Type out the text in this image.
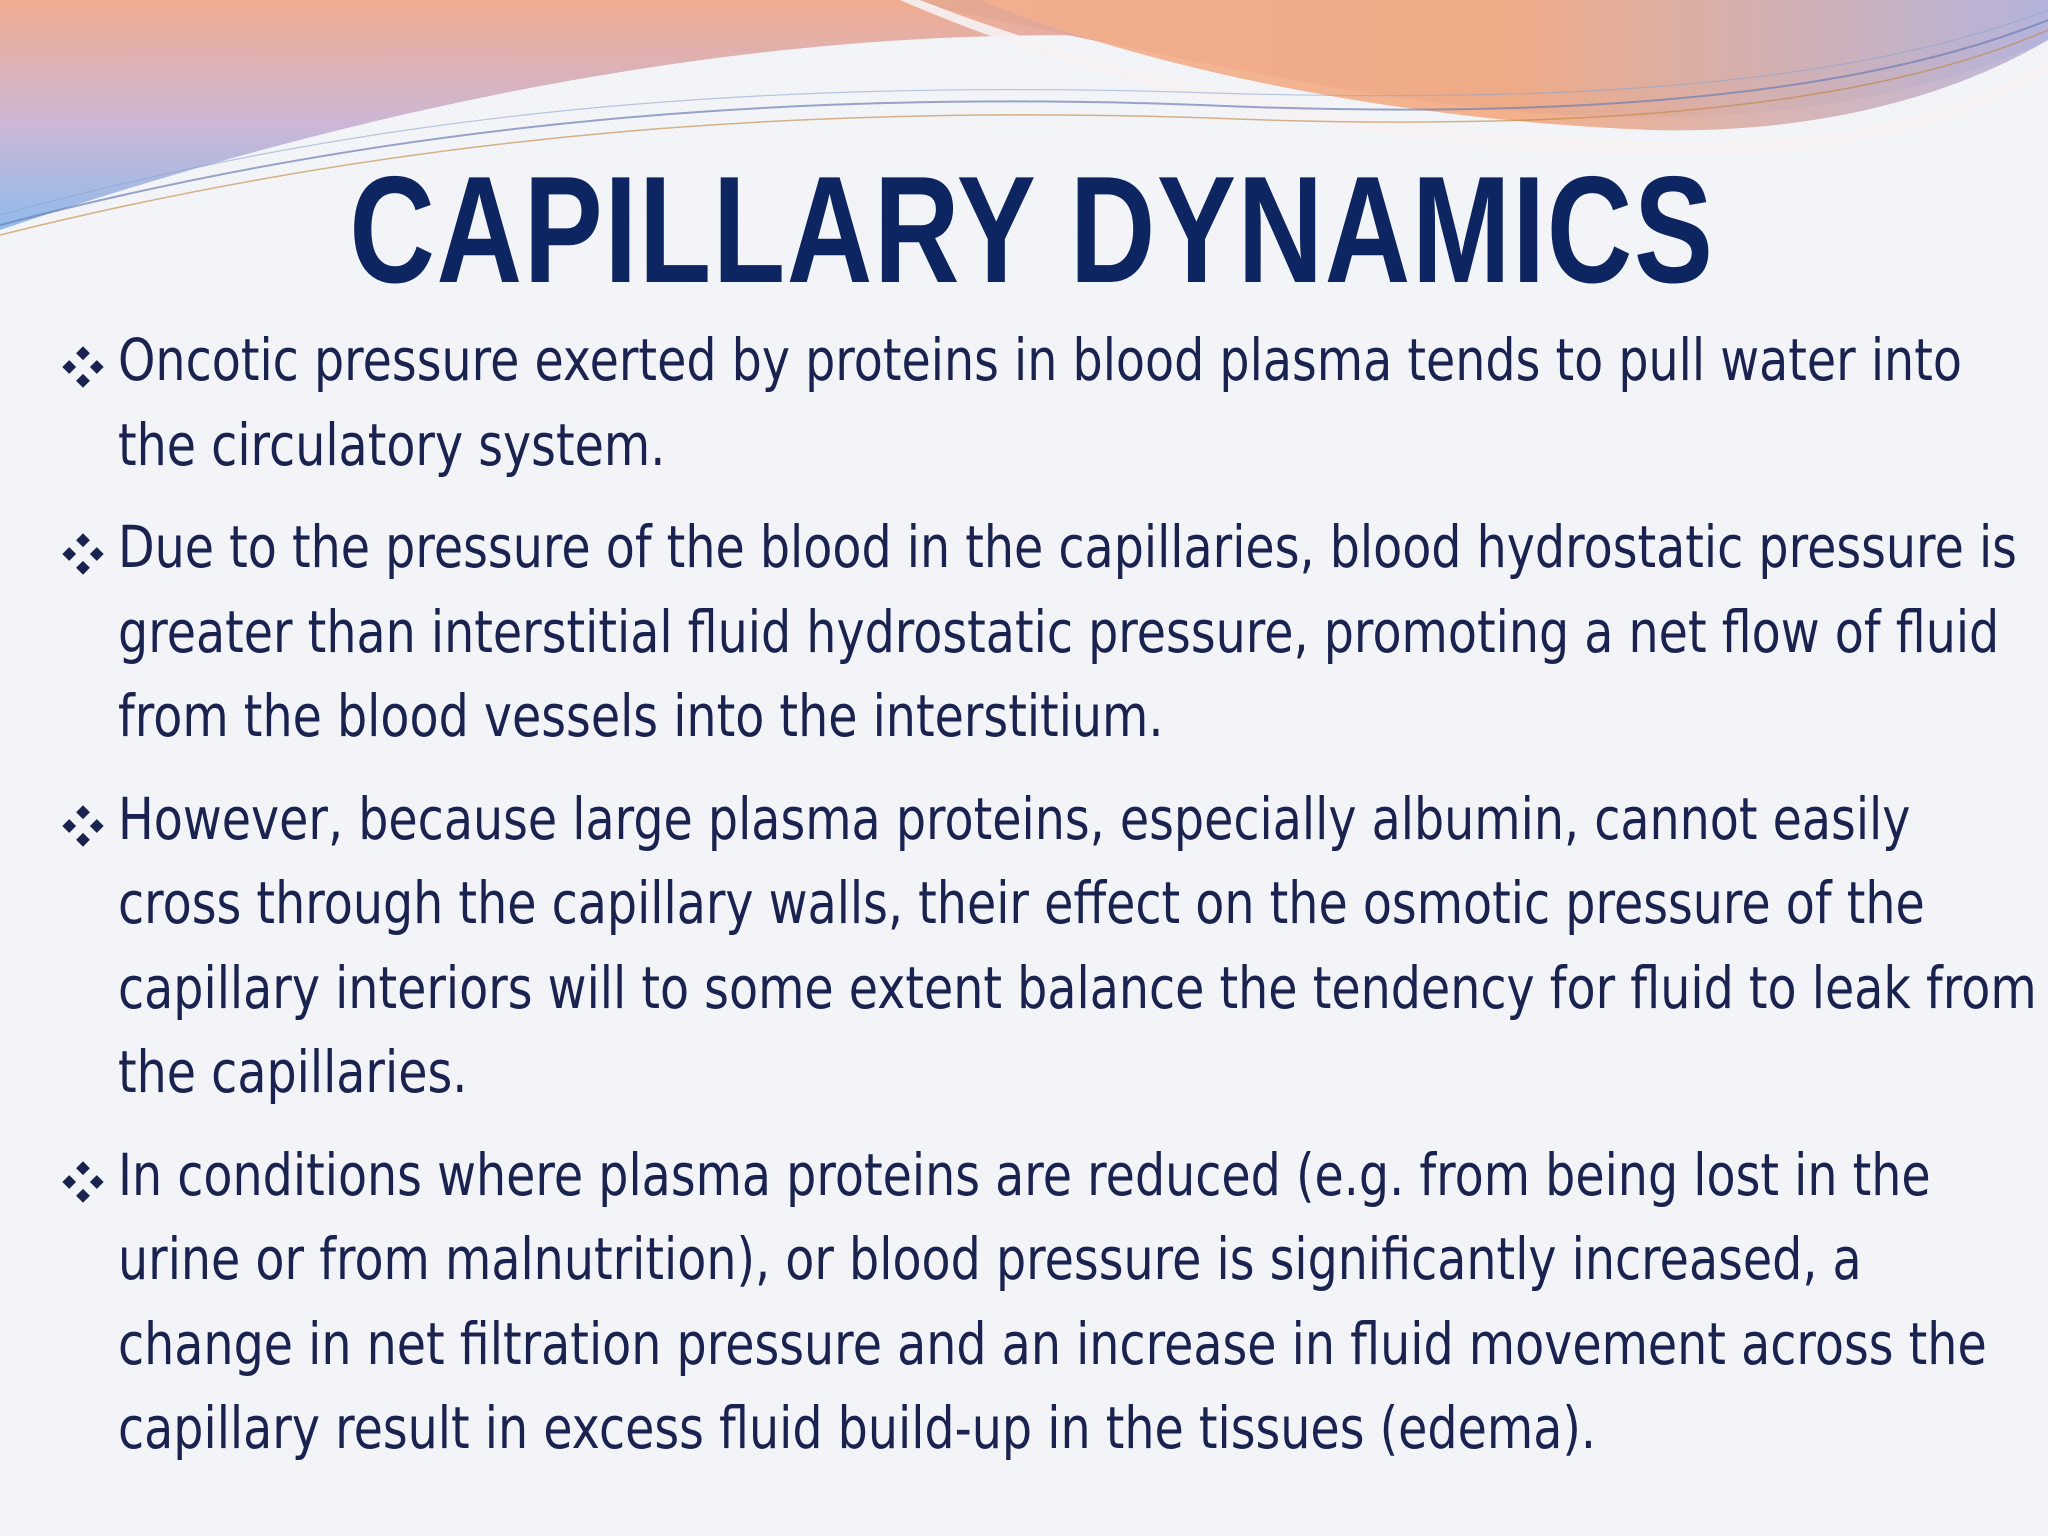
CAPILLARY DYNAMICS
Oncotic pressure exerted by proteins in blood plasma tends to pull water into the circulatory system.
Due to the pressure of the blood in the capillaries, blood hydrostatic pressure is greater than interstitial fluid hydrostatic pressure, promoting a net flow of fluid from the blood vessels into the interstitium.
However, because large plasma proteins, especially albumin, cannot easily cross through the capillary walls, their effect on the osmotic pressure of the capillary interiors will to some extent balance the tendency for fluid to leak from the capillaries.
In conditions where plasma proteins are reduced (e.g. from being lost in the urine or from malnutrition), or blood pressure is significantly increased, a change in net filtration pressure and an increase in fluid movement across the capillary result in excess fluid build-up in the tissues (edema).
